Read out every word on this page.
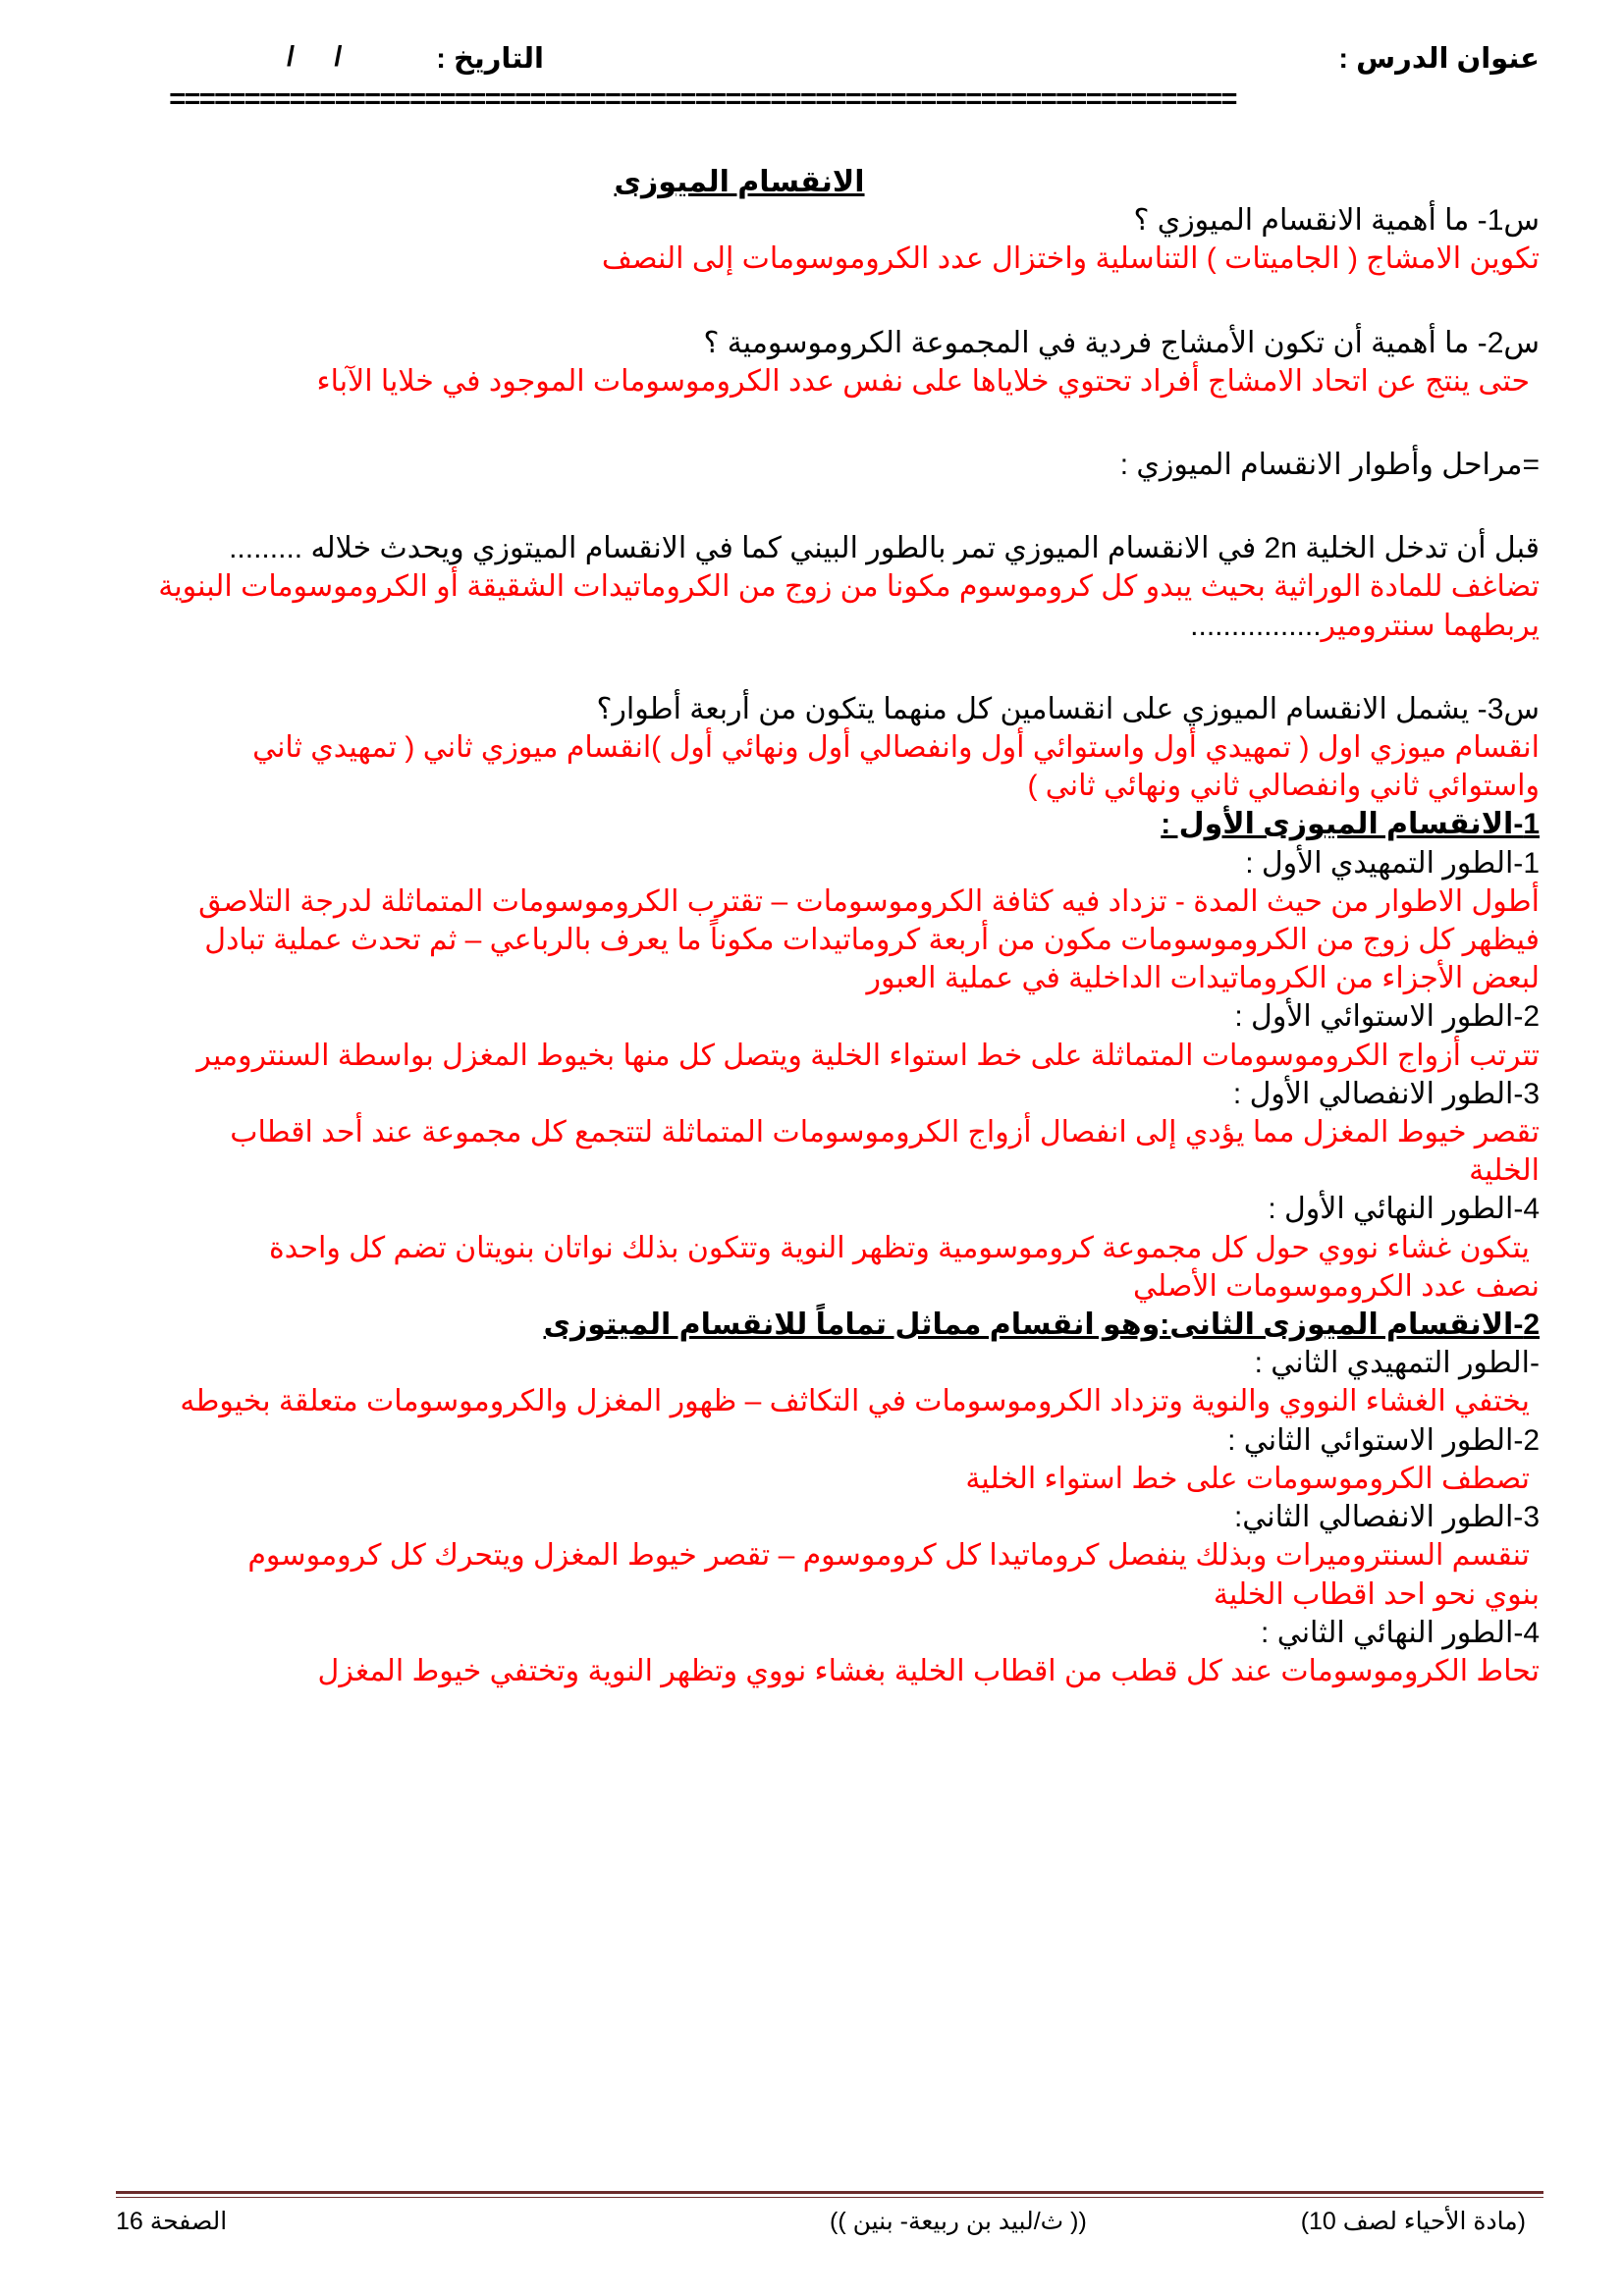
عنوان الدرس :
التاريخ :
/     /
=======================================================================

الانقسام الميوزى

س1- ما أهمية الانقسام الميوزي ؟

تكوين الامشاج ( الجاميتات ) التناسلية واختزال عدد الكروموسومات إلى النصف

س2- ما أهمية أن تكون الأمشاج فردية في المجموعة الكروموسومية ؟

حتى ينتج عن اتحاد الامشاج أفراد تحتوي خلاياها على نفس عدد الكروموسومات الموجود في خلايا الآباء

=مراحل وأطوار الانقسام الميوزي :

قبل أن تدخل الخلية 2n في الانقسام الميوزي تمر بالطور البيني كما في الانقسام الميتوزي ويحدث خلاله .........

تضاغف للمادة الوراثية بحيث يبدو كل كروموسوم مكونا من زوج من الكروماتيدات الشقيقة أو الكروموسومات البنوية

يربطهما سنترومير................

س3- يشمل الانقسام الميوزي على انقسامين كل منهما يتكون من أربعة أطوار؟

انقسام ميوزي اول ( تمهيدي أول واستوائي أول وانفصالي أول ونهائي أول )انقسام ميوزي ثاني ( تمهيدي ثاني

واستوائي ثاني وانفصالي ثاني ونهائي ثاني )

1-الانقسام الميوزى الأول :

1-الطور التمهيدي الأول :

أطول الاطوار من حيث المدة - تزداد فيه كثافة الكروموسومات – تقترب الكروموسومات المتماثلة لدرجة التلاصق

فيظهر كل زوج من الكروموسومات مكون من أربعة كروماتيدات مكوناً ما يعرف بالرباعي – ثم تحدث عملية تبادل

لبعض الأجزاء من الكروماتيدات الداخلية في عملية العبور

2-الطور الاستوائي الأول :

تترتب أزواج الكروموسومات المتماثلة على خط استواء الخلية ويتصل كل منها بخيوط المغزل بواسطة السنترومير

3-الطور الانفصالي الأول :

تقصر خيوط المغزل مما يؤدي إلى انفصال أزواج الكروموسومات المتماثلة لتتجمع كل مجموعة عند أحد اقطاب

الخلية

4-الطور النهائي الأول :

يتكون غشاء نووي حول كل مجموعة كروموسومية وتظهر النوية وتتكون بذلك نواتان بنويتان تضم كل واحدة

نصف عدد الكروموسومات الأصلي

2-الانقسام الميوزى الثانى:وهو انقسام مماثل تماماً للانقسام الميتوزى

-الطور التمهيدي الثاني :

يختفي الغشاء النووي والنوية وتزداد الكروموسومات في التكاثف – ظهور المغزل والكروموسومات متعلقة بخيوطه

2-الطور الاستوائي الثاني :

تصطف الكروموسومات على خط استواء الخلية

3-الطور الانفصالي الثاني:

تنقسم السنتروميرات وبذلك ينفصل كروماتيدا كل كروموسوم – تقصر خيوط المغزل ويتحرك كل كروموسوم

بنوي نحو احد اقطاب الخلية

4-الطور النهائي الثاني :

تحاط الكروموسومات عند كل قطب من اقطاب الخلية بغشاء نووي وتظهر النوية وتختفي خيوط المغزل

(مادة الأحياء لصف 10)
(( ث/لبيد بن ربيعة- بنين ))
الصفحة 16
